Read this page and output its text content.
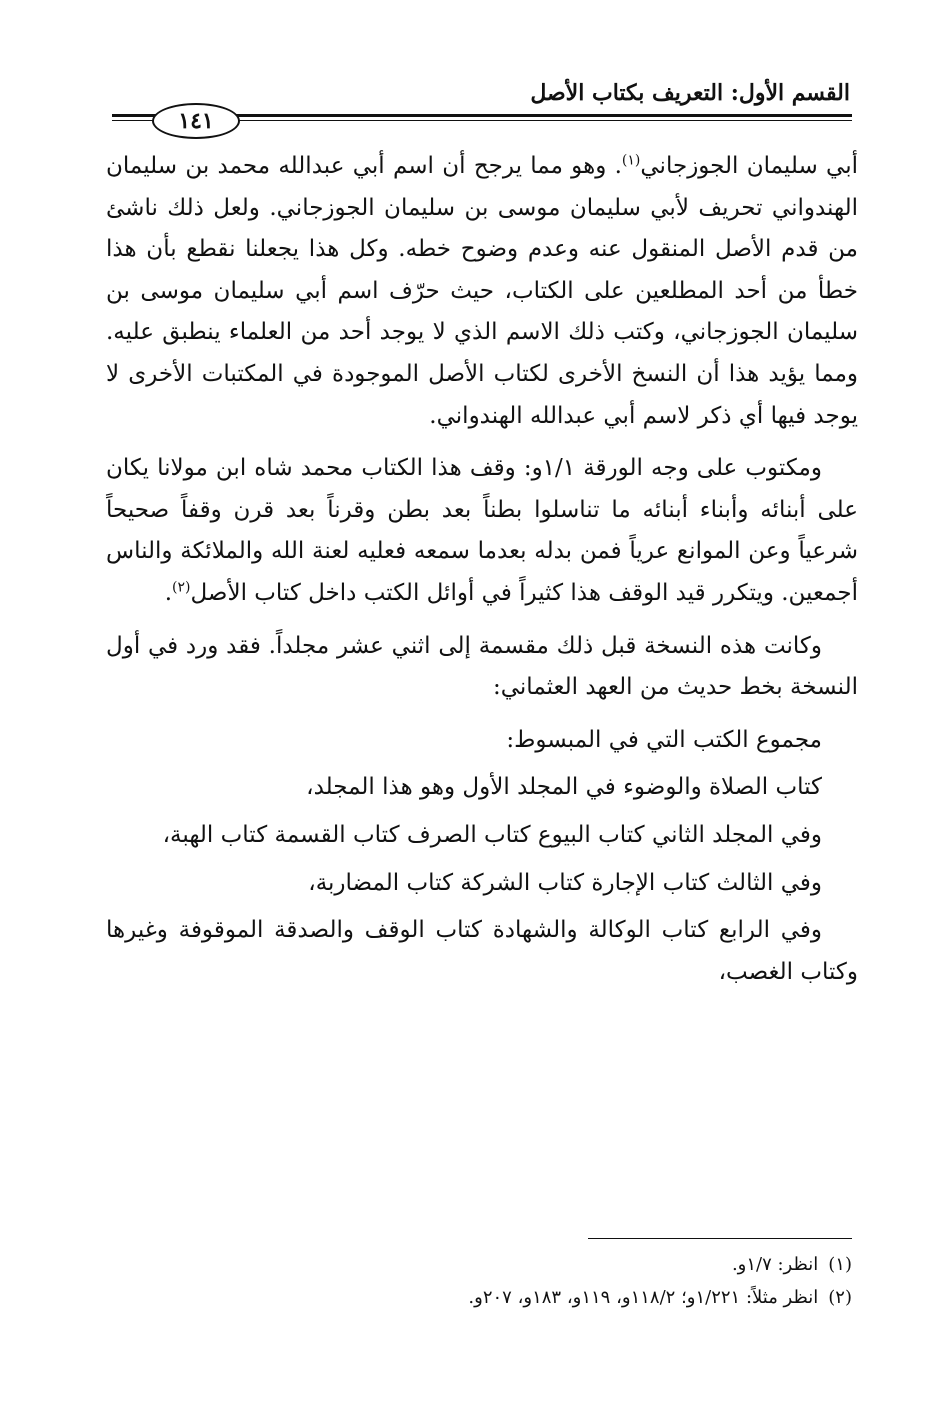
القسم الأول: التعريف بكتاب الأصل
١٤١

أبي سليمان الجوزجاني$^{(١)}$. وهو مما يرجح أن اسم أبي عبدالله محمد بن سليمان الهندواني تحريف لأبي سليمان موسى بن سليمان الجوزجاني. ولعل ذلك ناشئ من قدم الأصل المنقول عنه وعدم وضوح خطه. وكل هذا يجعلنا نقطع بأن هذا خطأ من أحد المطلعين على الكتاب، حيث حرّف اسم أبي سليمان موسى بن سليمان الجوزجاني، وكتب ذلك الاسم الذي لا يوجد أحد من العلماء ينطبق عليه. ومما يؤيد هذا أن النسخ الأخرى لكتاب الأصل الموجودة في المكتبات الأخرى لا يوجد فيها أي ذكر لاسم أبي عبدالله الهندواني.

ومكتوب على وجه الورقة ١/١و: وقف هذا الكتاب محمد شاه ابن مولانا يكان على أبنائه وأبناء أبنائه ما تناسلوا بطناً بعد بطن وقرناً بعد قرن وقفاً صحيحاً شرعياً وعن الموانع عرياً فمن بدله بعدما سمعه فعليه لعنة الله والملائكة والناس أجمعين. ويتكرر قيد الوقف هذا كثيراً في أوائل الكتب داخل كتاب الأصل$^{(٢)}$.

وكانت هذه النسخة قبل ذلك مقسمة إلى اثني عشر مجلداً. فقد ورد في أول النسخة بخط حديث من العهد العثماني:

مجموع الكتب التي في المبسوط:

كتاب الصلاة والوضوء في المجلد الأول وهو هذا المجلد،

وفي المجلد الثاني كتاب البيوع كتاب الصرف كتاب القسمة كتاب الهبة،

وفي الثالث كتاب الإجارة كتاب الشركة كتاب المضاربة،

وفي الرابع كتاب الوكالة والشهادة كتاب الوقف والصدقة الموقوفة وغيرها وكتاب الغصب،

(١)انظر: ١/٧و.
(٢)انظر مثلاً: ١/٢٢١و؛ ١١٨/٢و، ١١٩و، ١٨٣و، ٢٠٧و.
